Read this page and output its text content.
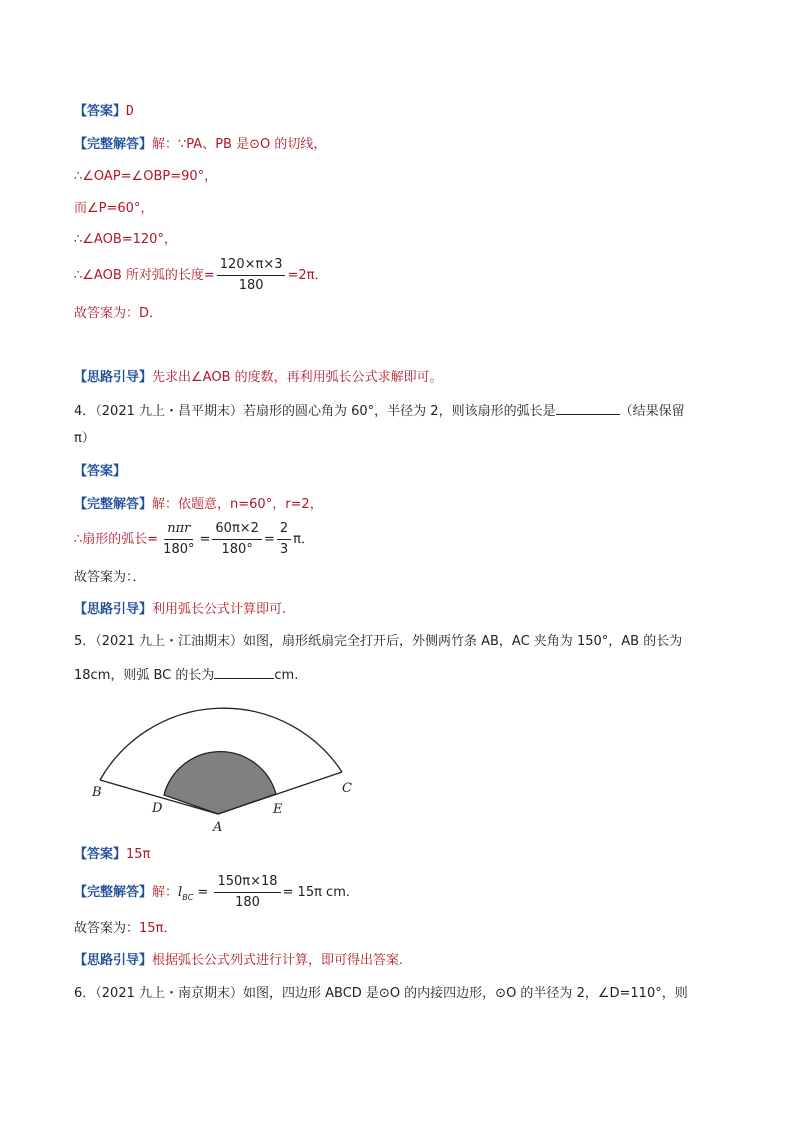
【答案】D
【完整解答】解：∵PA、PB 是⊙O 的切线，
∴∠OAP=∠OBP=90°，
而∠P=60°，
∴∠AOB=120°，
∴∠AOB 所对弧的长度= $\frac{120\times\pi\times 3}{180} =2\pi$．
故答案为：D．
【思路引导】先求出∠AOB 的度数，再利用弧长公式求解即可。
4．（2021 九上・昌平期末）若扇形的圆心角为 60°，半径为 2，则该扇形的弧长是	（结果保留
π）
【答案】
【完整解答】解：依题意，n=60°，r=2，
∴扇形的弧长= $\frac{\text{nπr}}{180^\circ} = \frac{60\pi\times 2}{180^\circ} = \frac{2}{3}$ π．
故答案为：．
【思路引导】利用弧长公式计算即可.
5．（2021 九上・江油期末）如图，扇形纸扇完全打开后，外侧两竹条 AB，AC 夹角为 150°，AB 的长为
18cm，则弧 BC 的长为	cm.
B
D
A
E
C
【答案】15π
【完整解答】解：$l_{BC} = \frac{150\pi\times 18}{180} = 15\pi$ cm.
故答案为：15π．
【思路引导】根据弧长公式列式进行计算，即可得出答案.
6．（2021 九上・南京期末）如图，四边形 ABCD 是⊙O 的内接四边形，⊙O 的半径为 2，∠D=110°，则
